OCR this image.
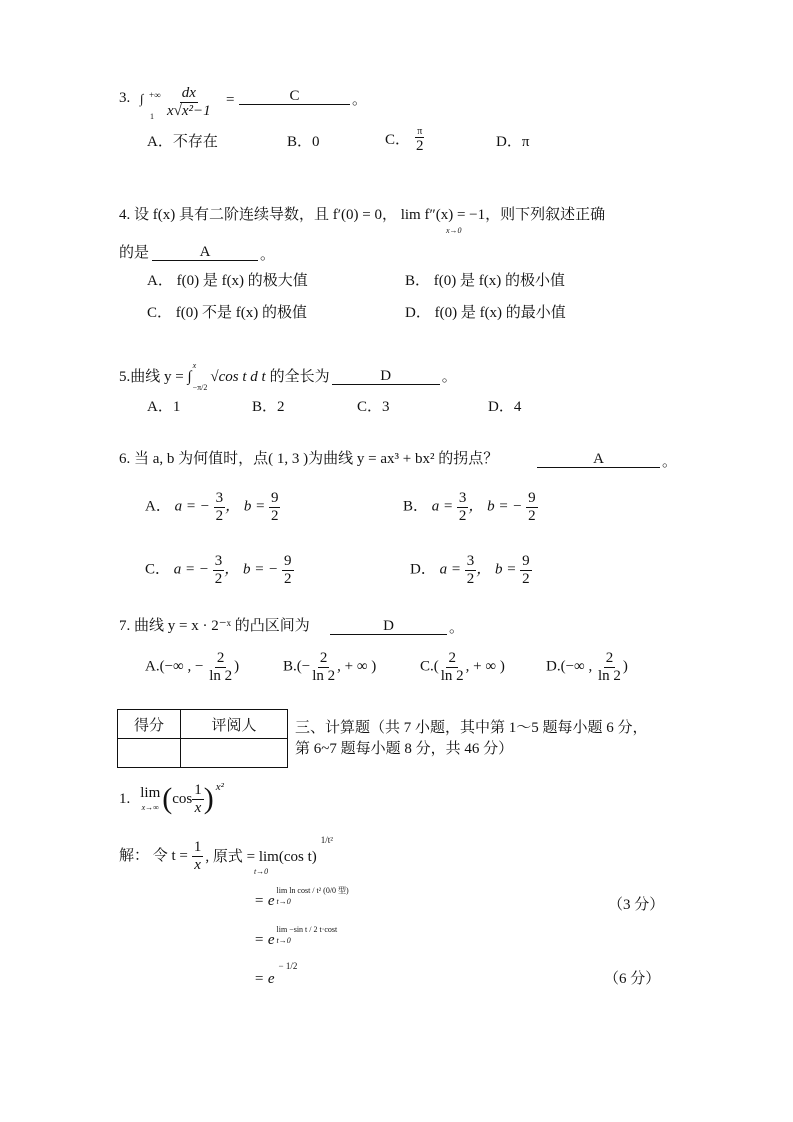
3. ∫ +∞
$1 \frac{dx}{\text{x√x²−1}}$ =	C	。
A．不存在	B．0	C．
π
2	D．π
4. 设 f(x) 具有二阶连续导数，且 f′(0) = 0， lim f″(x) = −1，则下列叙述正确
x→0
的是	A	。
A． f(0) 是 f(x) 的极大值	B． f(0) 是 f(x) 的极小值
C． f(0) 不是 f(x) 的极值	D． f(0) 是 f(x) 的最小值
5.曲线 y = ∫
x
−π/2
√cos t d t 的全长为	D	。
A．1	B．2	C．3	D．4
6. 当 a, b 为何值时，点( 1, 3 )为曲线 y = ax³ + bx² 的拐点？	A	。
A． a = − $\frac{3}{2}$ ， $b = \frac{9}{2}$	B． $a = \frac{3}{2}$ ， b = − $\frac{9}{2}$
C． a = − $\frac{3}{2}$ ， b = − $\frac{9}{2}$	D． $a = \frac{3}{2}$ ， $b = \frac{9}{2}$
7. 曲线 y = x · 2⁻ˣ 的凸区间为	D	。
A.(−∞ , − $\frac{2}{\ln 2}$ )	$B.(- \frac{2}{\ln 2}$ , + ∞ )	$C.( \frac{2}{\ln 2}$ , + ∞ )	D.(−∞ , $\frac{2}{\ln 2}$ )
得分	评阅人
		三、计算题（共 7 小题，其中第 1～5 题每小题 6 分，
第 6~7 题每小题 8 分，共 46 分）
1. lim
x→∞ ( cos
1
x ) x²
解： 令 $t = \frac{1}{x}$ , 原式 = lim(cos t)
t→0
1/t²
= e
lim ln cost / t² (0/0 型)
t→0	（3 分）
= e
lim −sin t / 2 t·cost
t→0
= e
− 1/2
（6 分）
